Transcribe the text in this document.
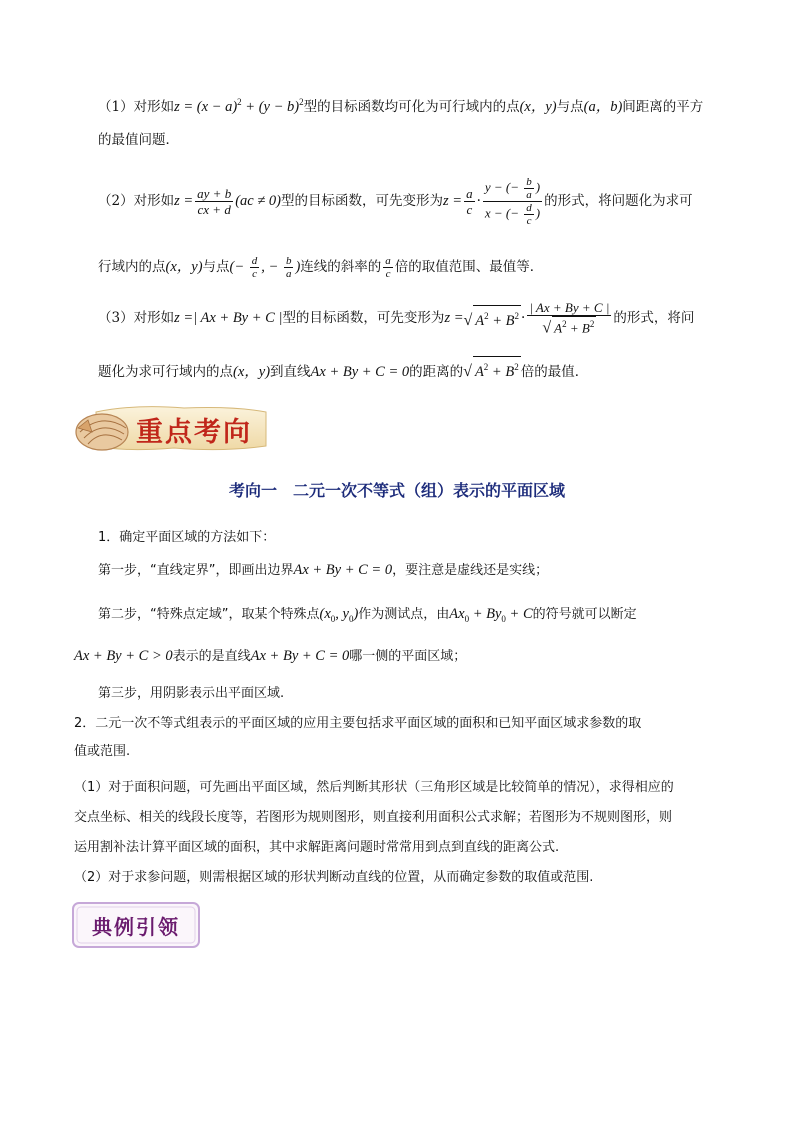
（1）对形如$z = (x - a)^2 + (y - b)^2$型的目标函数均可化为可行域内的点(x，y)与点(a，b)间距离的平方
的最值问题．
（2）对形如 $z = \frac{ay + b}{cx + d} (ac \ne 0)$ 型的目标函数，可先变形为 $z = \frac{a}{c} \cdot \frac{y - (- \frac{b}{a} )}{x - (- \frac{d}{c} )}$ 的形式，将问题化为求可
行域内的点 (x，y) 与点 (− $\frac{d}{c}$ , − $\frac{b}{a}$ ) 连线的斜率的 $\frac{a}{c}$ 倍的取值范围、最值等．
（3）对形如 z =| Ax + By + C | 型的目标函数，可先变形为 z = √ $A^2 + B^2 \cdot \frac{| Ax + By + C |}{√ A^2 + B^2}$ 的形式，将问
题化为求可行域内的点(x，y)到直线Ax + By + C = 0的距离的√ $A^2 + B^2$ 倍的最值．
重点考向
考向一　二元一次不等式（组）表示的平面区域
1．确定平面区域的方法如下：
第一步，“直线定界”，即画出边界Ax + By + C = 0，要注意是虚线还是实线；
第二步，“特殊点定域”，取某个特殊点($x_0$, $y_0$)作为测试点，由$Ax_0 + By_0 + C$的符号就可以断定
Ax + By + C > 0表示的是直线Ax + By + C = 0哪一侧的平面区域；
第三步，用阴影表示出平面区域.
2．二元一次不等式组表示的平面区域的应用主要包括求平面区域的面积和已知平面区域求参数的取
值或范围.
（1）对于面积问题，可先画出平面区域，然后判断其形状（三角形区域是比较简单的情况），求得相应的
交点坐标、相关的线段长度等，若图形为规则图形，则直接利用面积公式求解；若图形为不规则图形，则
运用割补法计算平面区域的面积，其中求解距离问题时常常用到点到直线的距离公式.
（2）对于求参问题，则需根据区域的形状判断动直线的位置，从而确定参数的取值或范围.
典例引领
